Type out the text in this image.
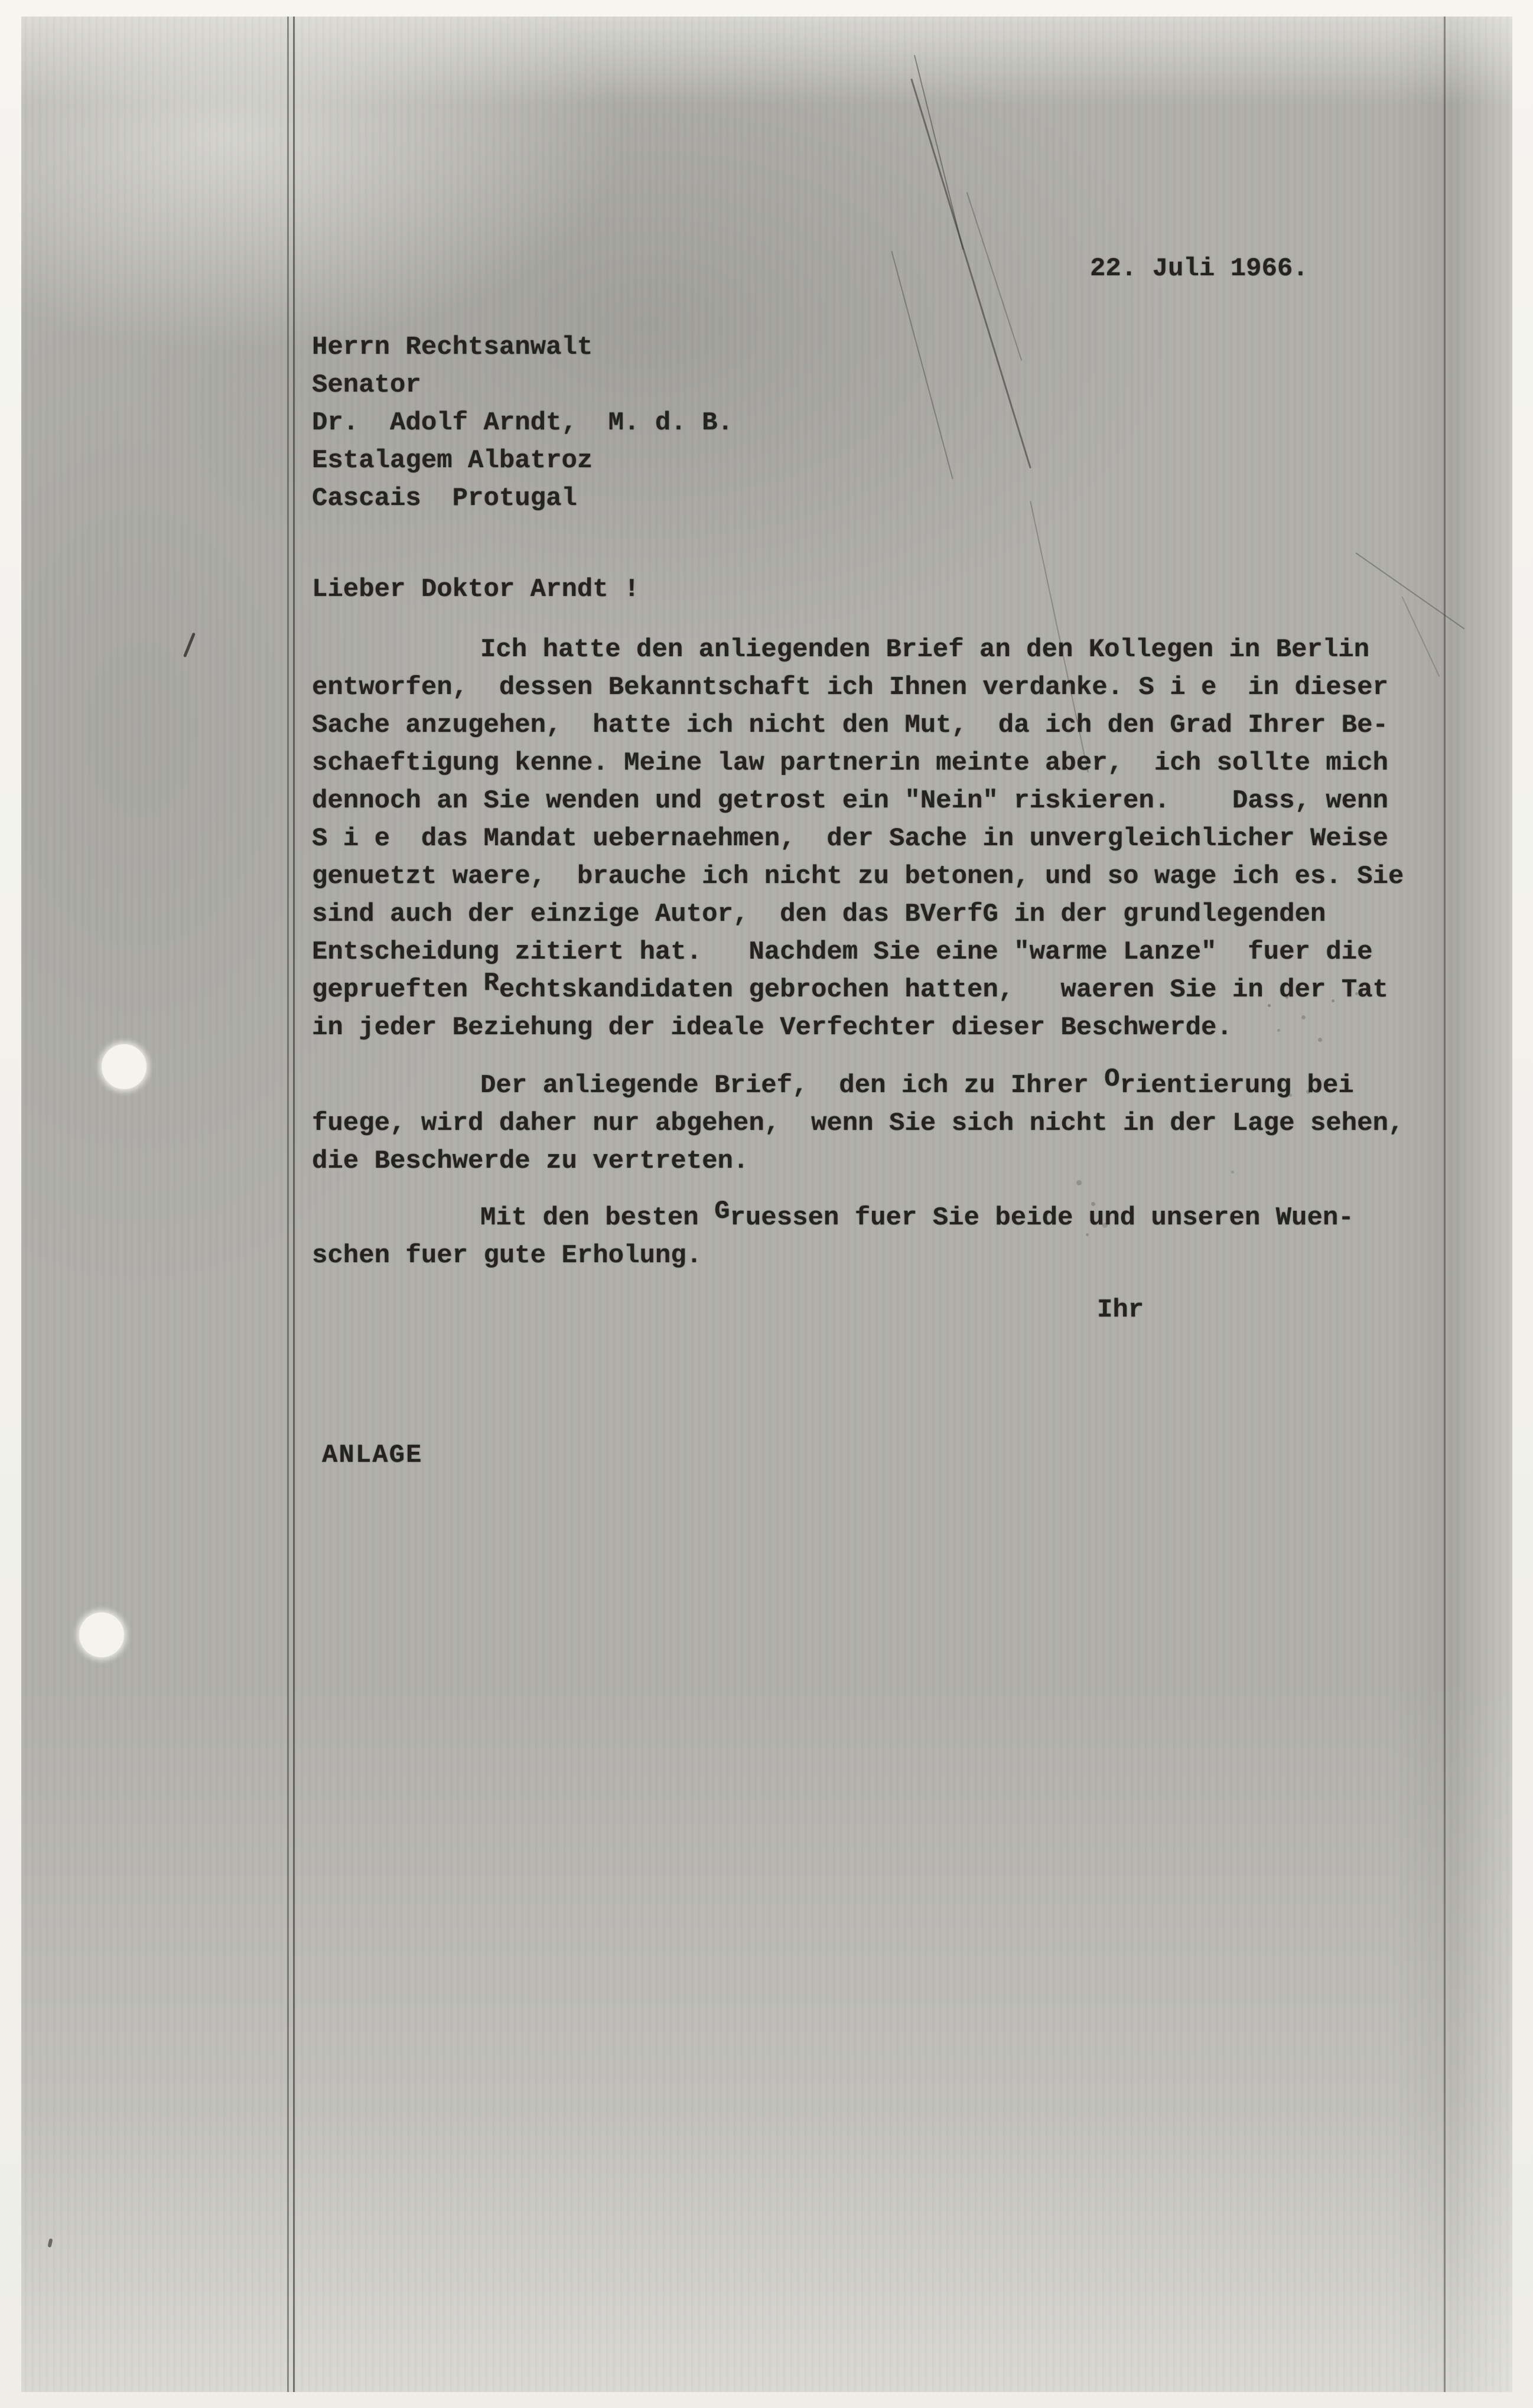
22. Juli 1966.
Herrn Rechtsanwalt
Senator
Dr.  Adolf Arndt,  M. d. B.
Estalagem Albatroz
Cascais  Protugal
Lieber Doktor Arndt !
Ich hatte den anliegenden Brief an den Kollegen in Berlin
entworfen,  dessen Bekanntschaft ich Ihnen verdanke. S i e  in dieser
Sache anzugehen,  hatte ich nicht den Mut,  da ich den Grad Ihrer Be-
schaeftigung kenne. Meine law partnerin meinte aber,  ich sollte mich
dennoch an Sie wenden und getrost ein "Nein" riskieren.    Dass, wenn
S i e  das Mandat uebernaehmen,  der Sache in unvergleichlicher Weise
genuetzt waere,  brauche ich nicht zu betonen, und so wage ich es. Sie
sind auch der einzige Autor,  den das BVerfG in der grundlegenden
Entscheidung zitiert hat.   Nachdem Sie eine "warme Lanze"  fuer die
geprueften Rechtskandidaten gebrochen hatten,   waeren Sie in der Tat
in jeder Beziehung der ideale Verfechter dieser Beschwerde.
Der anliegende Brief,  den ich zu Ihrer Orientierung bei
fuege, wird daher nur abgehen,  wenn Sie sich nicht in der Lage sehen,
die Beschwerde zu vertreten.
Mit den besten Gruessen fuer Sie beide und unseren Wuen-
schen fuer gute Erholung.
Ihr
ANLAGE
